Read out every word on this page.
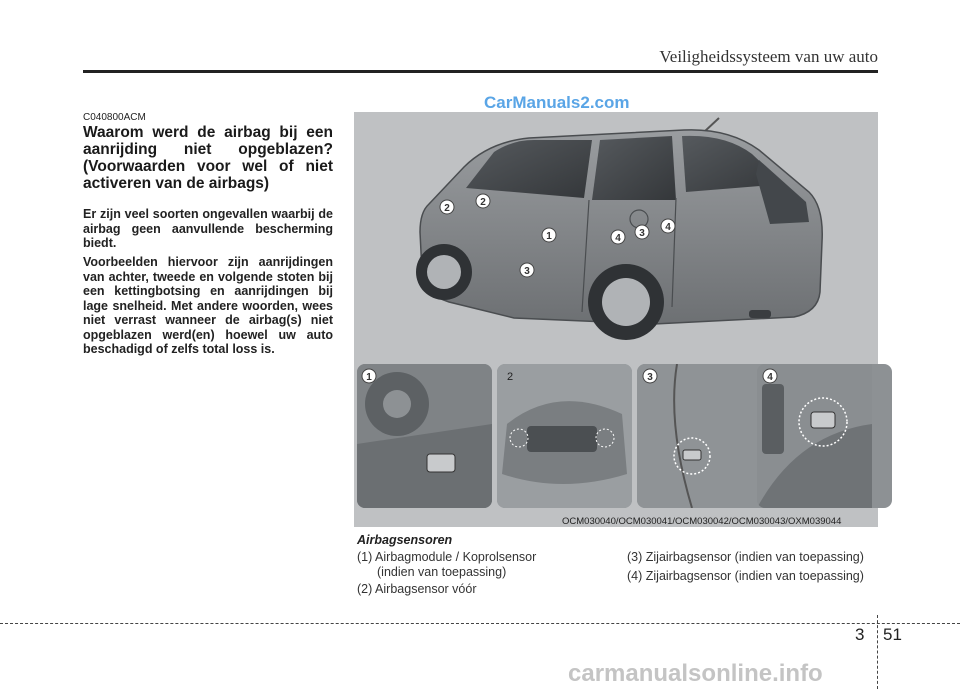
Veiligheidssysteem van uw auto
CarManuals2.com
C040800ACM
Waarom werd de airbag bij een aanrijding niet opgeblazen? (Voorwaarden voor wel of niet activeren van de airbags)
Er zijn veel soorten ongevallen waarbij de airbag geen aanvullende bescherming biedt.
Voorbeelden hiervoor zijn aanrijdingen van achter, tweede en volgende stoten bij een kettingbotsing en aanrijdingen bij lage snelheid. Met andere woorden, wees niet verrast wanneer de airbag(s) niet opgeblazen werd(en) hoewel uw auto beschadigd of zelfs total loss is.
1
2
2
3
3
4
4
1	2	3	4
OCM030040/OCM030041/OCM030042/OCM030043/OXM039044
Airbagsensoren
(1) Airbagmodule / Koprolsensor
(indien van toepassing)
(2) Airbagsensor vóór
(3) Zijairbagsensor (indien van toepassing)
(4) Zijairbagsensor (indien van toepassing)
3 51
carmanualsonline.info
